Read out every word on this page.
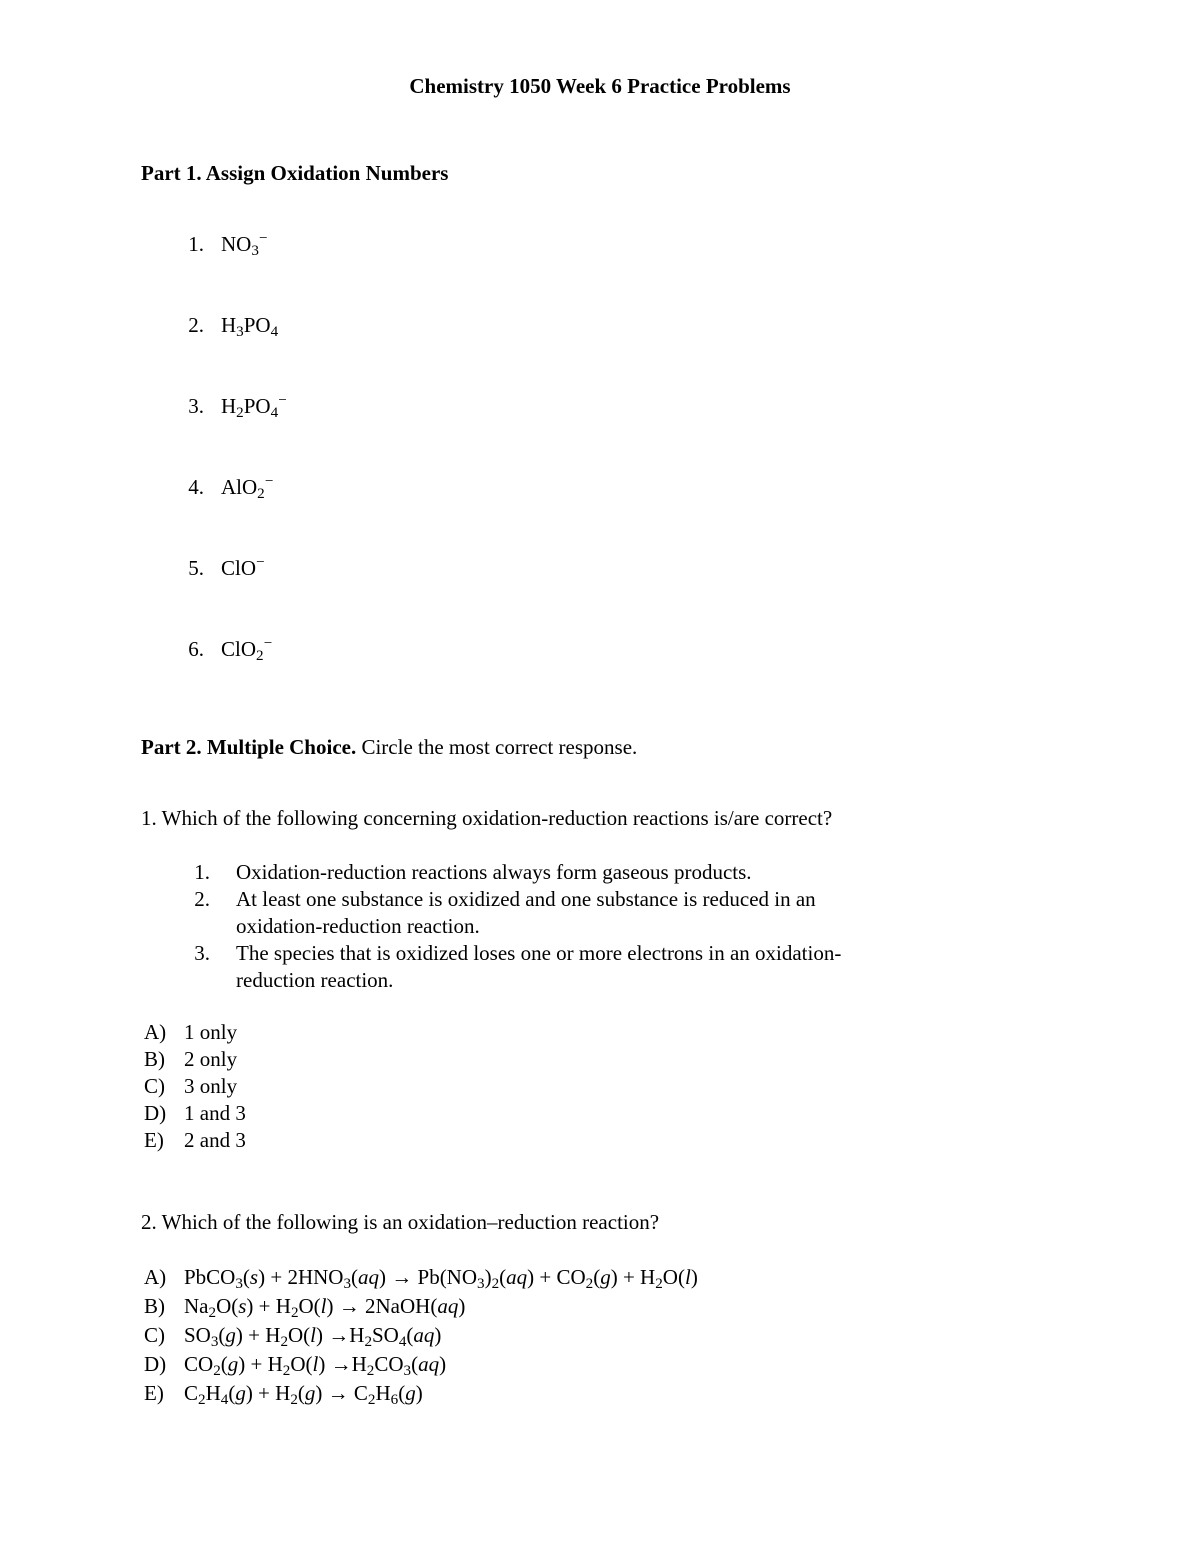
Chemistry 1050 Week 6 Practice Problems
Part 1. Assign Oxidation Numbers
1. $NO_3^-$
2. $H_3PO_4$
3. $H_2PO_4^-$
4. AlO$_2$−
5. ClO−
6. ClO$_2$−
Part 2. Multiple Choice. Circle the most correct response.
1. Which of the following concerning oxidation-reduction reactions is/are correct?
1. Oxidation-reduction reactions always form gaseous products.
2. At least one substance is oxidized and one substance is reduced in an
oxidation-reduction reaction.
3. The species that is oxidized loses one or more electrons in an oxidation-
reduction reaction.
A) 1 only
B) 2 only
C) 3 only
D) 1 and 3
E) 2 and 3
2. Which of the following is an oxidation–reduction reaction?
A) PbCO$_3$(s) + $2HNO_3(aq) \to Pb(NO_3)_2(aq) + CO_2(g) + H_2O(l)$
B) $Na_2O(s) + H_2O(l)$ → 2NaOH(aq)
C) $SO_3(g) + H_2O(l) \to H_2SO_4(aq)$
D) $CO_2(g) + H_2O(l) \to H_2CO_3(aq)$
E) $C_2H_4(g) + H_2(g) \to C_2H_6(g)$
